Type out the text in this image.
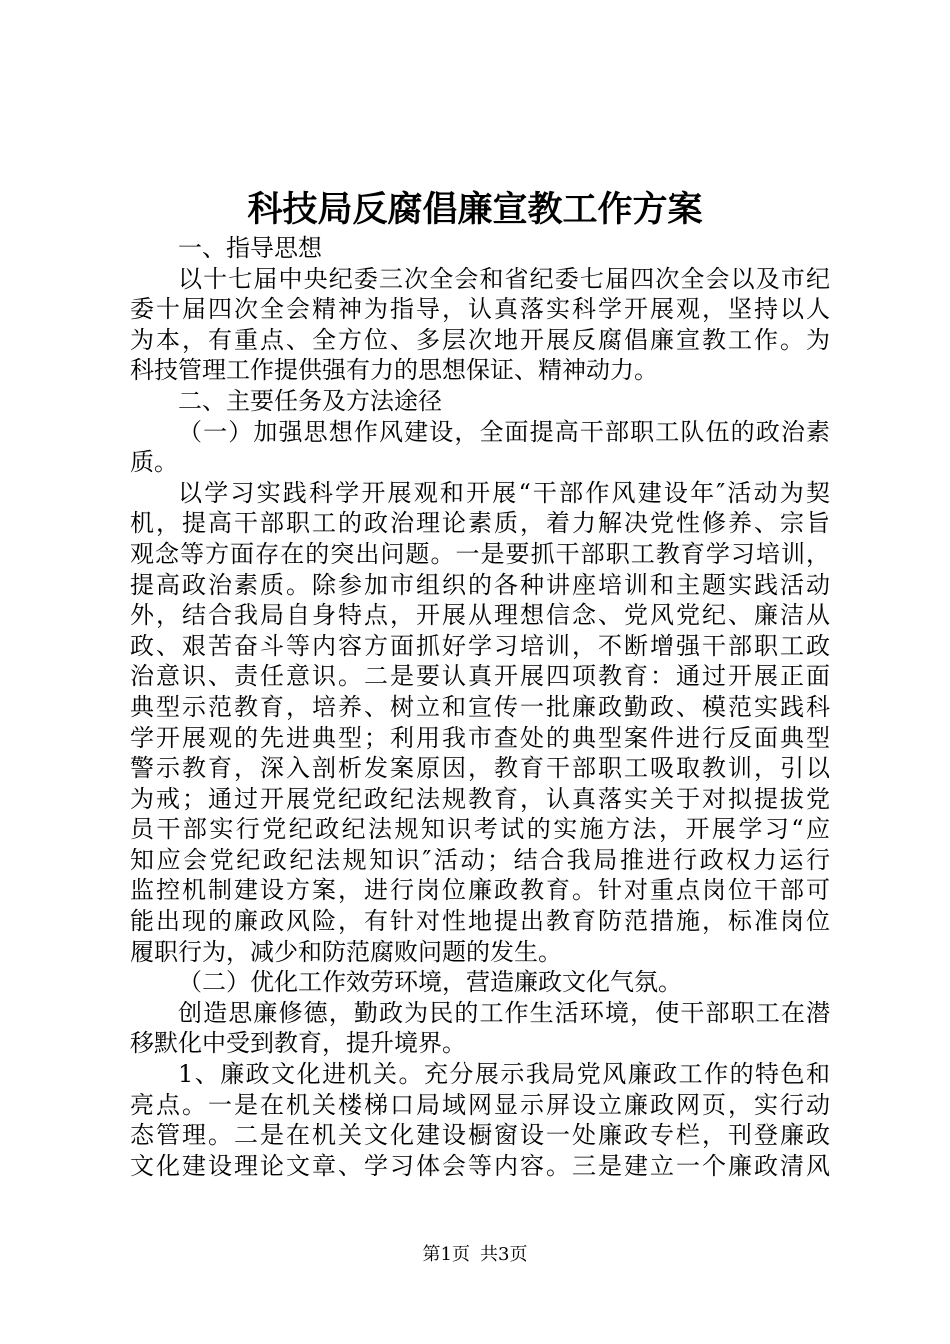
科技局反腐倡廉宣教工作方案
一、指导思想
以十七届中央纪委三次全会和省纪委七届四次全会以及市纪
委十届四次全会精神为指导，认真落实科学开展观，坚持以人
为本，有重点、全方位、多层次地开展反腐倡廉宣教工作。为
科技管理工作提供强有力的思想保证、精神动力。
二、主要任务及方法途径
（一）加强思想作风建设，全面提高干部职工队伍的政治素
质。
以学习实践科学开展观和开展“干部作风建设年″活动为契
机，提高干部职工的政治理论素质，着力解决党性修养、宗旨
观念等方面存在的突出问题。一是要抓干部职工教育学习培训，
提高政治素质。除参加市组织的各种讲座培训和主题实践活动
外，结合我局自身特点，开展从理想信念、党风党纪、廉洁从
政、艰苦奋斗等内容方面抓好学习培训，不断增强干部职工政
治意识、责任意识。二是要认真开展四项教育：通过开展正面
典型示范教育，培养、树立和宣传一批廉政勤政、模范实践科
学开展观的先进典型；利用我市查处的典型案件进行反面典型
警示教育，深入剖析发案原因，教育干部职工吸取教训，引以
为戒；通过开展党纪政纪法规教育，认真落实关于对拟提拔党
员干部实行党纪政纪法规知识考试的实施方法，开展学习“应
知应会党纪政纪法规知识″活动；结合我局推进行政权力运行
监控机制建设方案，进行岗位廉政教育。针对重点岗位干部可
能出现的廉政风险，有针对性地提出教育防范措施，标准岗位
履职行为，减少和防范腐败问题的发生。
（二）优化工作效劳环境，营造廉政文化气氛。
创造思廉修德，勤政为民的工作生活环境，使干部职工在潜
移默化中受到教育，提升境界。
1、廉政文化进机关。充分展示我局党风廉政工作的特色和
亮点。一是在机关楼梯口局域网显示屏设立廉政网页，实行动
态管理。二是在机关文化建设橱窗设一处廉政专栏，刊登廉政
文化建设理论文章、学习体会等内容。三是建立一个廉政清风
第1页 共3页
